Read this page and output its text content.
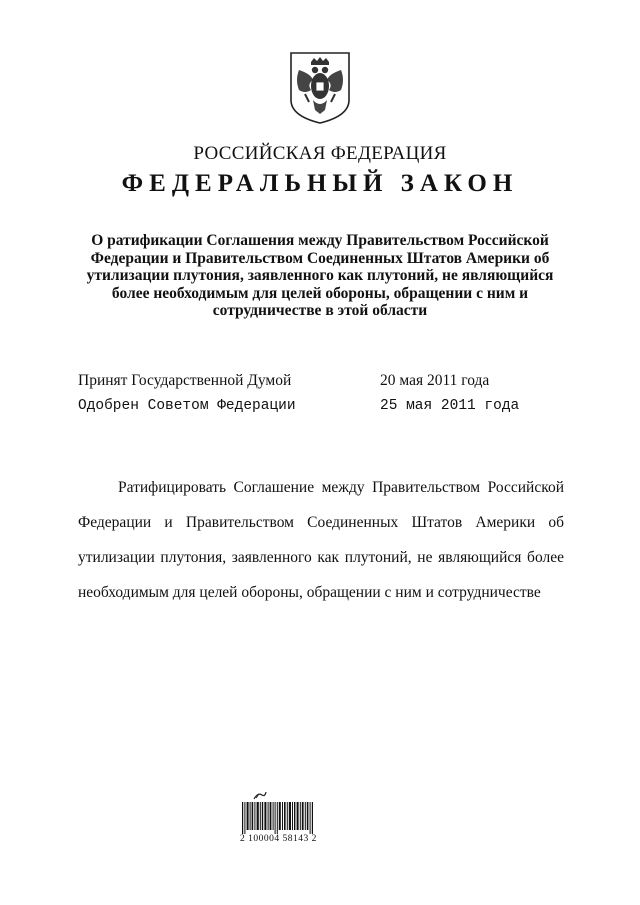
РОССИЙСКАЯ ФЕДЕРАЦИЯ
ФЕДЕРАЛЬНЫЙ ЗАКОН
О ратификации Соглашения между Правительством Российской Федерации и Правительством Соединенных Штатов Америки об утилизации плутония, заявленного как плутоний, не являющийся более необходимым для целей обороны, обращении с ним и сотрудничестве в этой области
Принят Государственной Думой	20 мая 2011 года
Одобрен Советом Федерации	25 мая 2011 года
Ратифицировать Соглашение между Правительством Российской Федерации и Правительством Соединенных Штатов Америки об утилизации плутония, заявленного как плутоний, не являющийся более необходимым для целей обороны, обращении с ним и сотрудничестве
2 100004 58143 2
